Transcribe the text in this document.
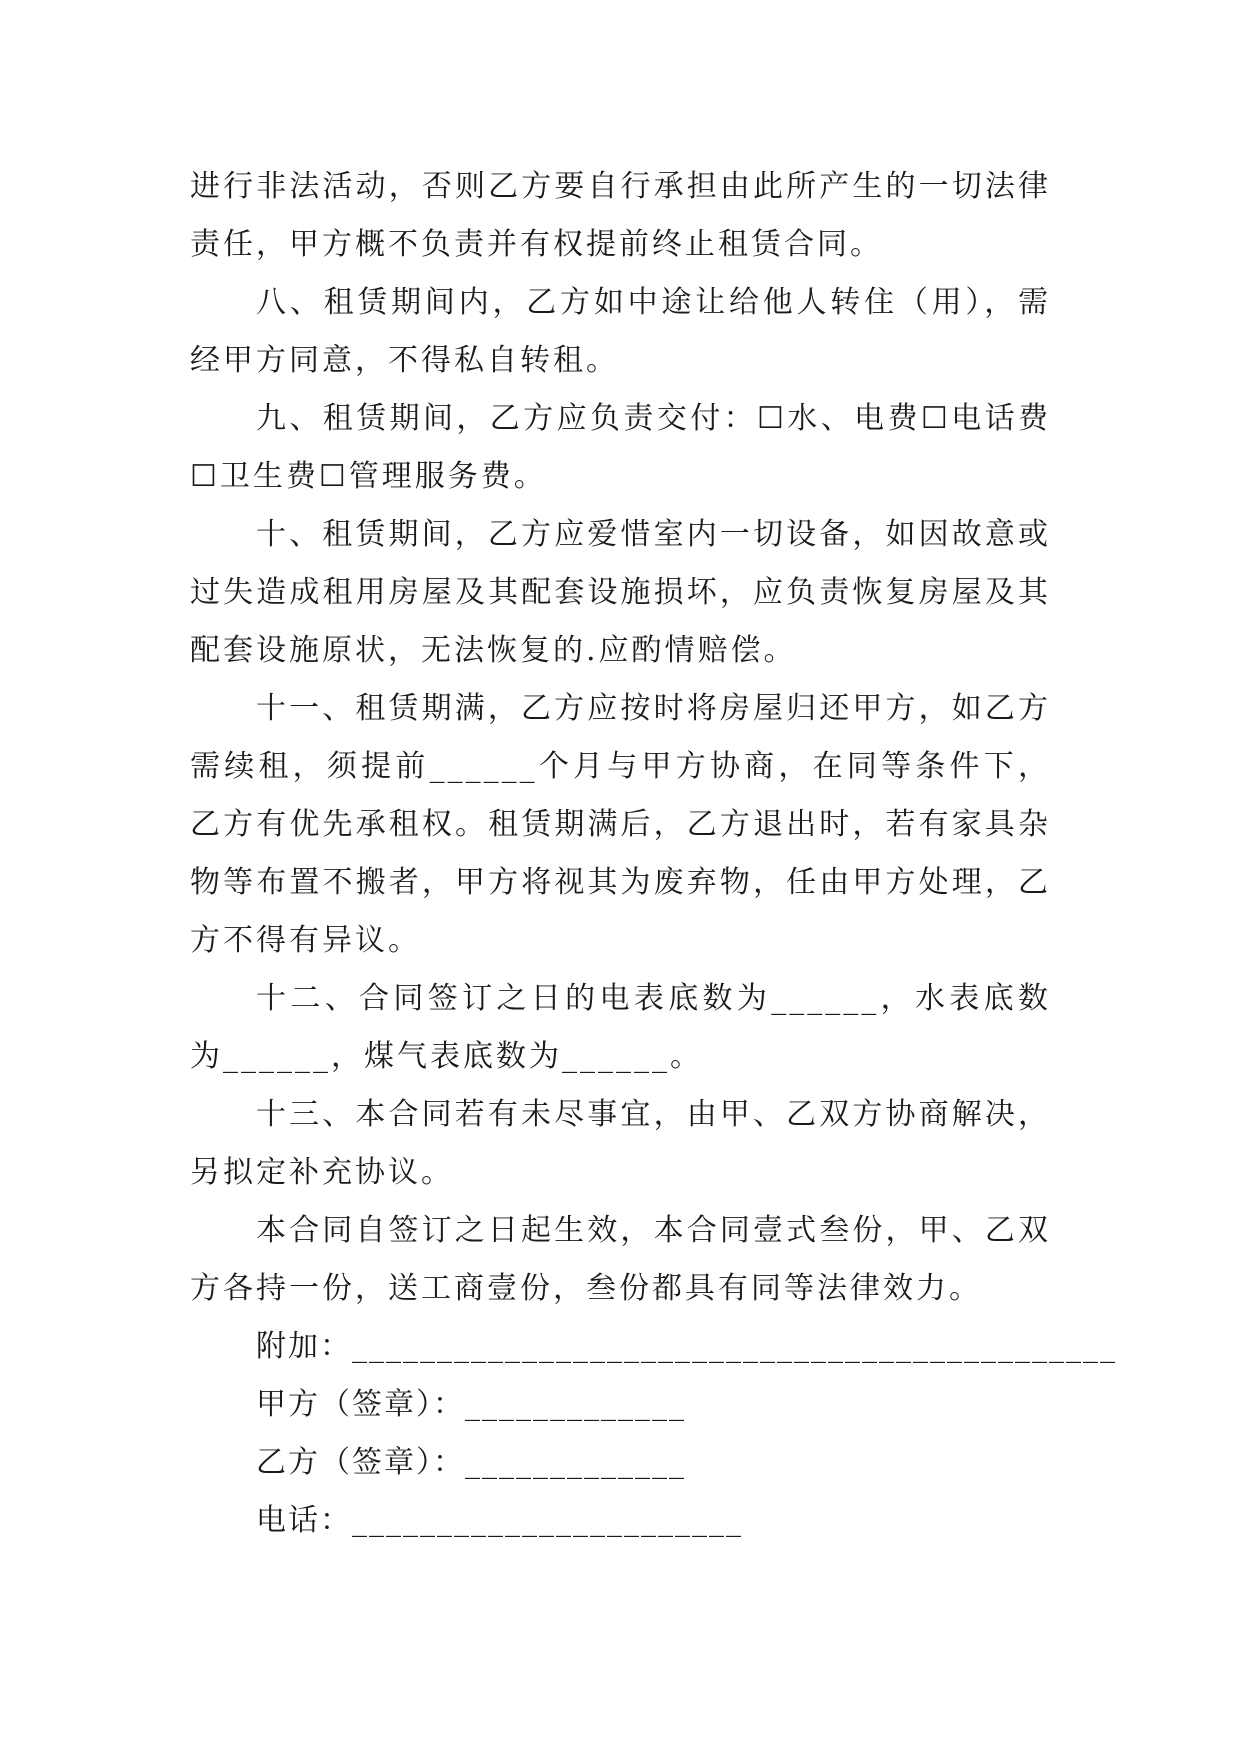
进行非法活动，否则乙方要自行承担由此所产生的一切法律责任，甲方概不负责并有权提前终止租赁合同。

八、租赁期间内，乙方如中途让给他人转住（用），需经甲方同意，不得私自转租。

九、租赁期间，乙方应负责交付：☐水、电费☐电话费☐卫生费☐管理服务费。

十、租赁期间，乙方应爱惜室内一切设备，如因故意或过失造成租用房屋及其配套设施损坏，应负责恢复房屋及其配套设施原状，无法恢复的.应酌情赔偿。

十一、租赁期满，乙方应按时将房屋归还甲方，如乙方需续租，须提前______个月与甲方协商，在同等条件下，乙方有优先承租权。租赁期满后，乙方退出时，若有家具杂物等布置不搬者，甲方将视其为废弃物，任由甲方处理，乙方不得有异议。

十二、合同签订之日的电表底数为______，水表底数为______，煤气表底数为______。

十三、本合同若有未尽事宜，由甲、乙双方协商解决，另拟定补充协议。

本合同自签订之日起生效，本合同壹式叁份，甲、乙双方各持一份，送工商壹份，叁份都具有同等法律效力。

附加：_____________________________________________
甲方（签章）：_____________
乙方（签章）：_____________
电话：_______________________
